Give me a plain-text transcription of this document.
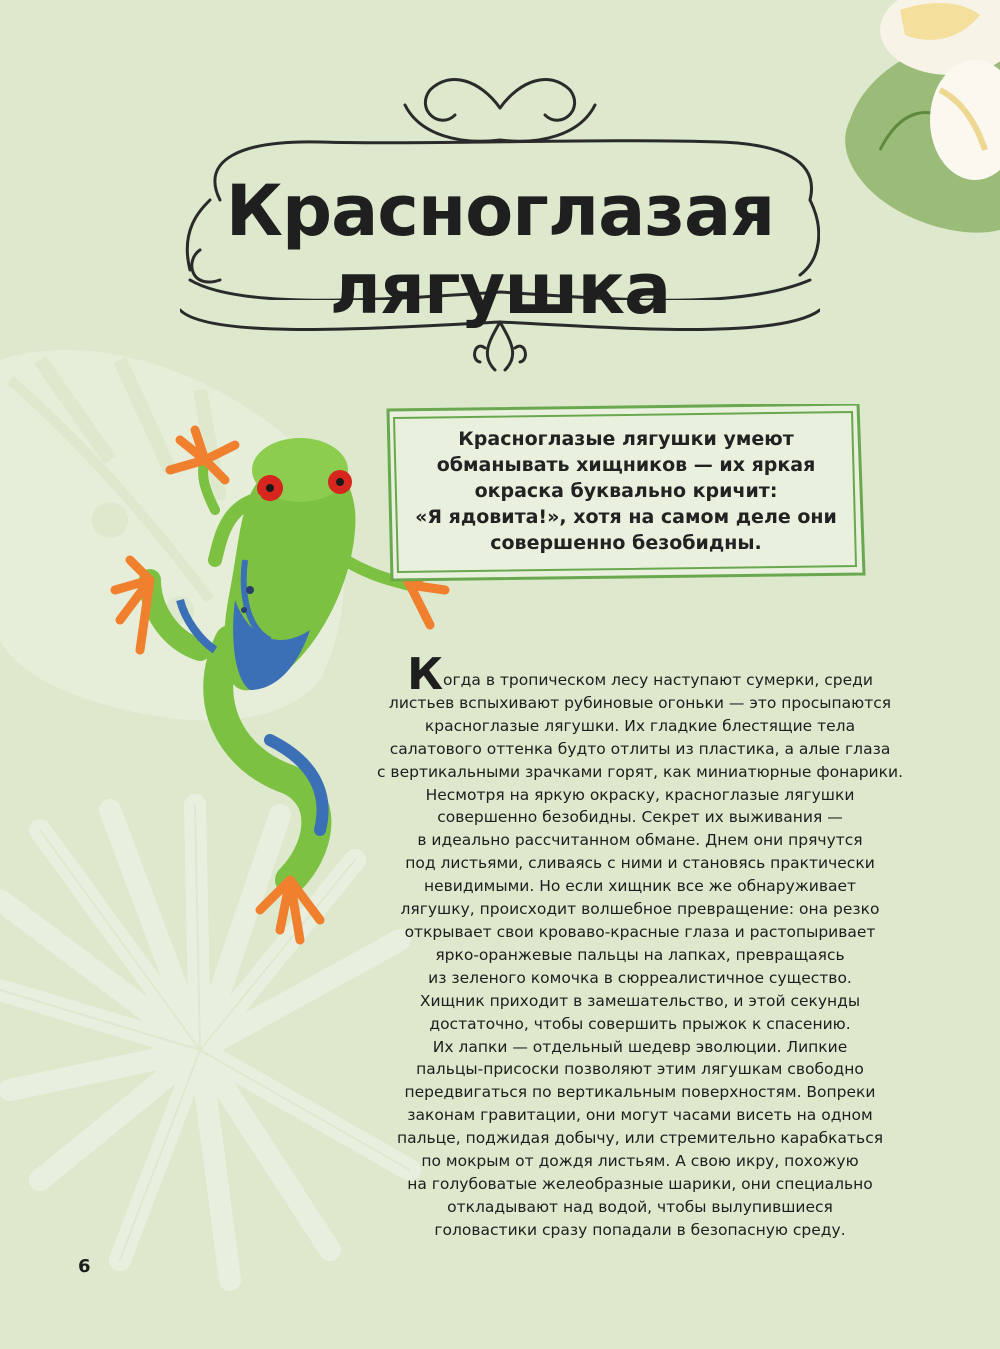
Красноглазая
лягушка
Красноглазые лягушки умеют
обманывать хищников — их яркая
окраска буквально кричит:
«Я ядовита!», хотя на самом деле они
совершенно безобидны.
Когда в тропическом лесу наступают сумерки, среди
листьев вспыхивают рубиновые огоньки — это просыпаются
красноглазые лягушки. Их гладкие блестящие тела
салатового оттенка будто отлиты из пластика, а алые глаза
с вертикальными зрачками горят, как миниатюрные фонарики.
Несмотря на яркую окраску, красноглазые лягушки
совершенно безобидны. Секрет их выживания —
в идеально рассчитанном обмане. Днем они прячутся
под листьями, сливаясь с ними и становясь практически
невидимыми. Но если хищник все же обнаруживает
лягушку, происходит волшебное превращение: она резко
открывает свои кроваво-красные глаза и растопыривает
ярко-оранжевые пальцы на лапках, превращаясь
из зеленого комочка в сюрреалистичное существо.
Хищник приходит в замешательство, и этой секунды
достаточно, чтобы совершить прыжок к спасению.
Их лапки — отдельный шедевр эволюции. Липкие
пальцы-присоски позволяют этим лягушкам свободно
передвигаться по вертикальным поверхностям. Вопреки
законам гравитации, они могут часами висеть на одном
пальце, поджидая добычу, или стремительно карабкаться
по мокрым от дождя листьям. А свою икру, похожую
на голубоватые желеобразные шарики, они специально
откладывают над водой, чтобы вылупившиеся
головастики сразу попадали в безопасную среду.
6
